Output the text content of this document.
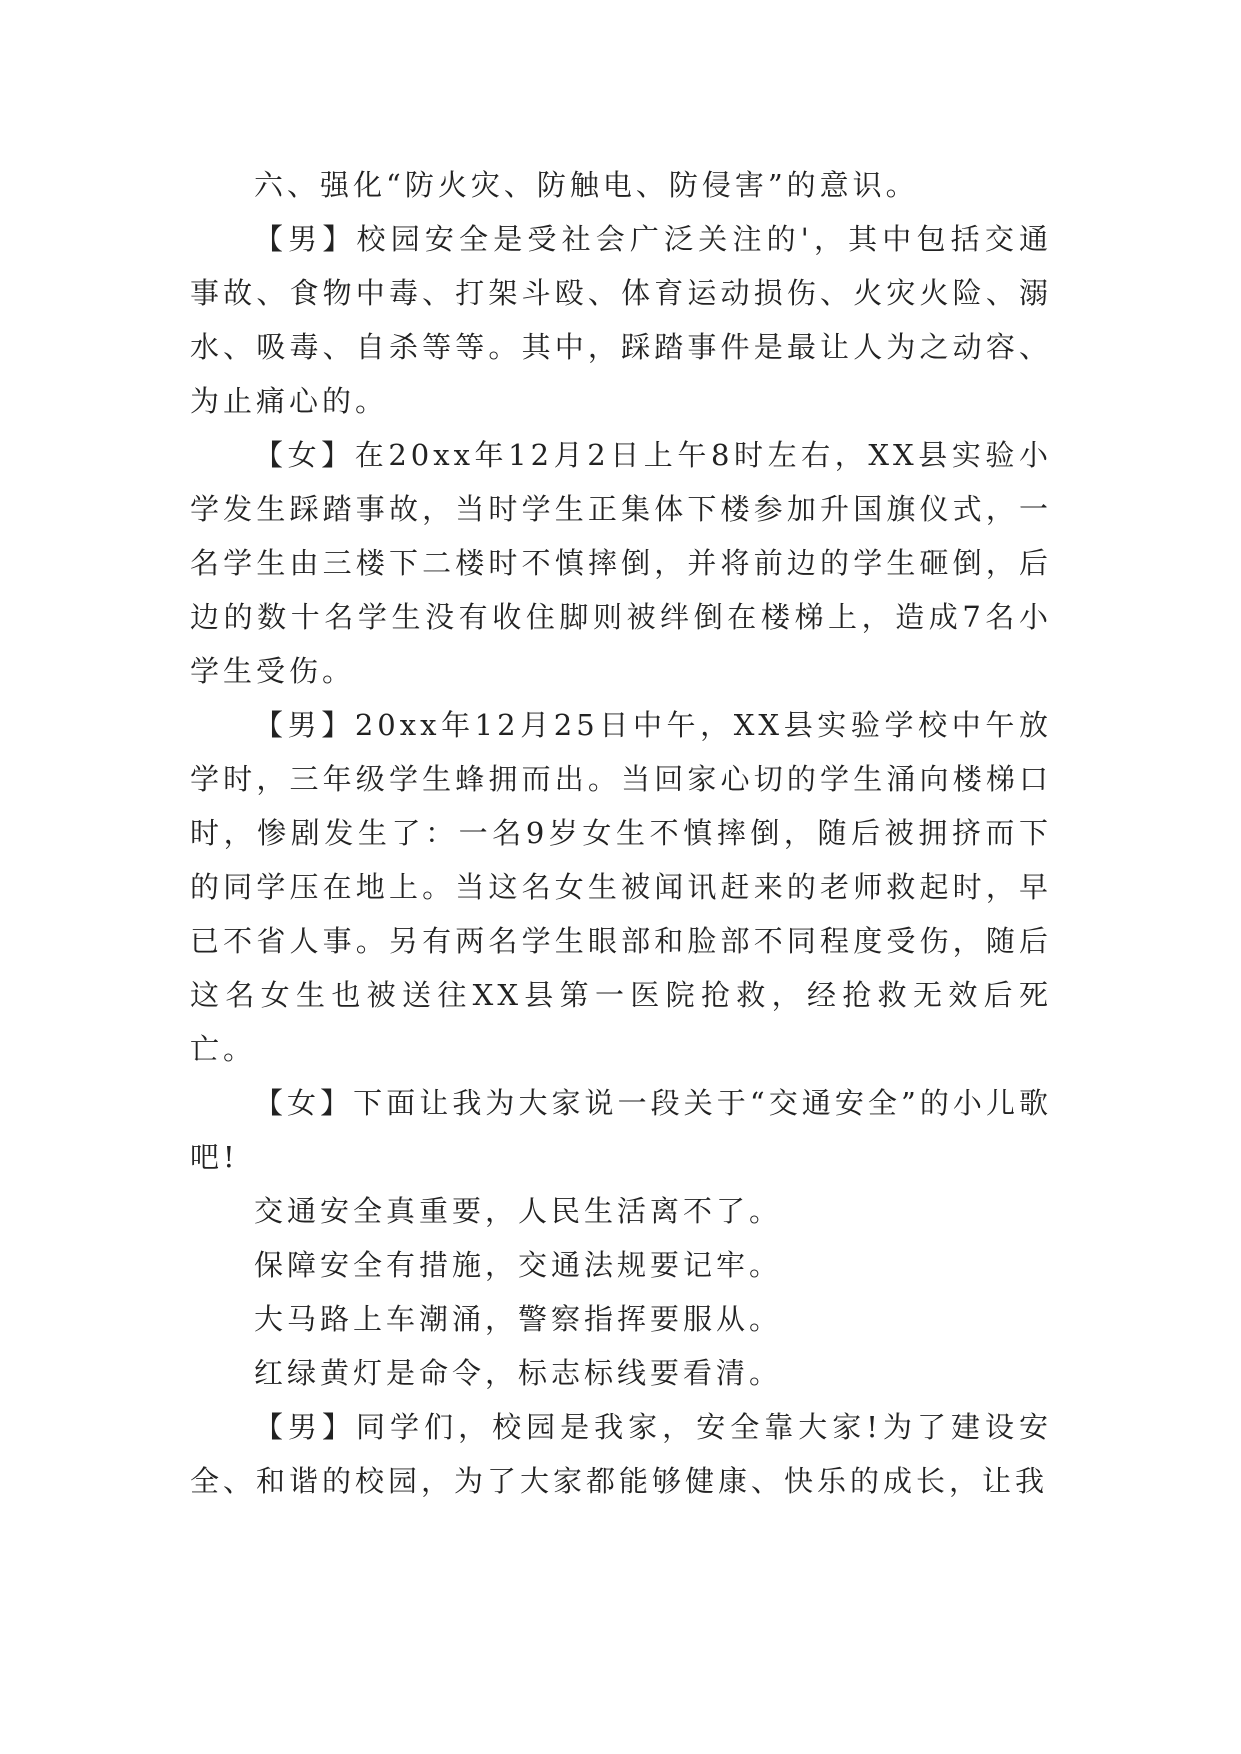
六、强化“防火灾、防触电、防侵害”的意识。

【男】校园安全是受社会广泛关注的'，其中包括交通事故、食物中毒、打架斗殴、体育运动损伤、火灾火险、溺水、吸毒、自杀等等。其中，踩踏事件是最让人为之动容、为止痛心的。

【女】在20xx年12月2日上午8时左右，XX县实验小学发生踩踏事故，当时学生正集体下楼参加升国旗仪式，一名学生由三楼下二楼时不慎摔倒，并将前边的学生砸倒，后边的数十名学生没有收住脚则被绊倒在楼梯上，造成7名小学生受伤。

【男】20xx年12月25日中午，XX县实验学校中午放学时，三年级学生蜂拥而出。当回家心切的学生涌向楼梯口时，惨剧发生了：一名9岁女生不慎摔倒，随后被拥挤而下的同学压在地上。当这名女生被闻讯赶来的老师救起时，早已不省人事。另有两名学生眼部和脸部不同程度受伤，随后这名女生也被送往XX县第一医院抢救，经抢救无效后死亡。

【女】下面让我为大家说一段关于“交通安全”的小儿歌吧!

交通安全真重要，人民生活离不了。

保障安全有措施，交通法规要记牢。

大马路上车潮涌，警察指挥要服从。

红绿黄灯是命令，标志标线要看清。

【男】同学们，校园是我家，安全靠大家!为了建设安全、和谐的校园，为了大家都能够健康、快乐的成长，让我
